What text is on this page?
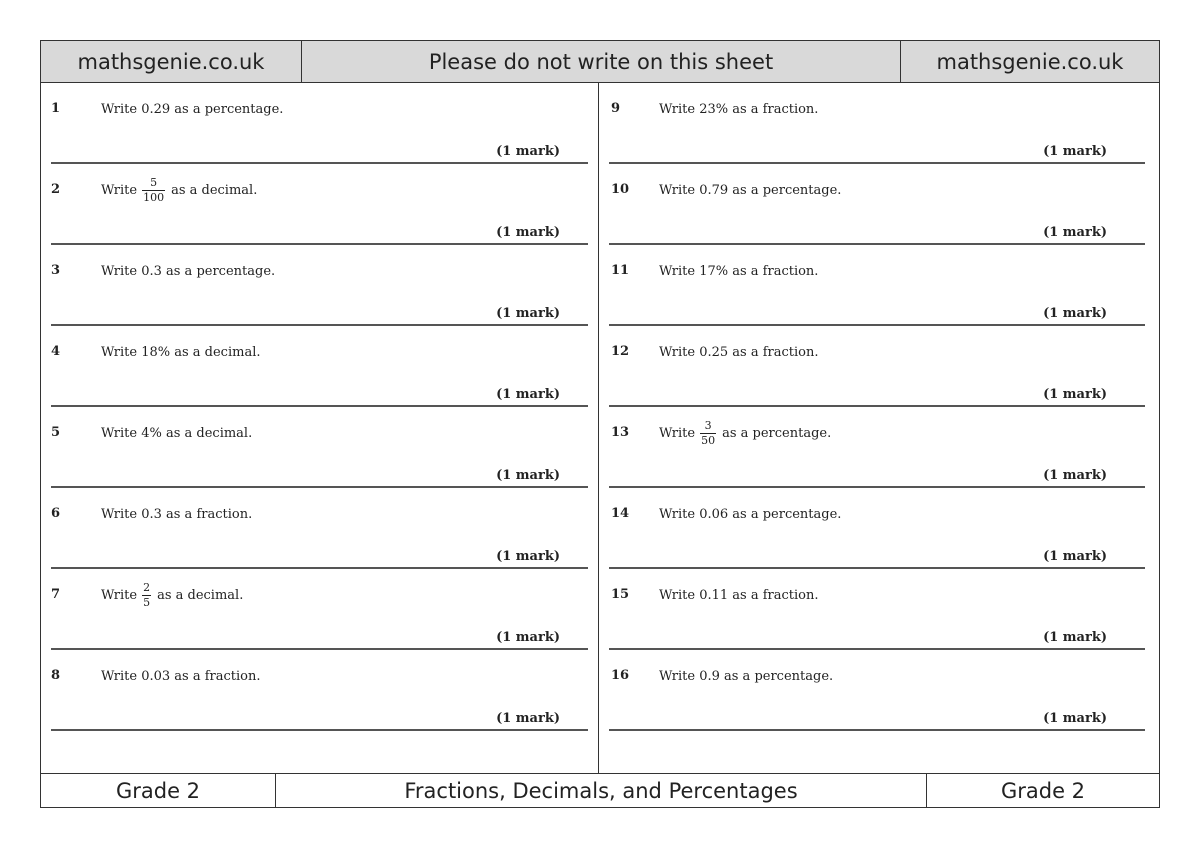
mathsgenie.co.uk	Please do not write on this sheet	mathsgenie.co.uk
1	Write 0.29 as a percentage.
(1 mark)
2	Write $\frac{5}{100}$ as a decimal.
(1 mark)
3	Write 0.3 as a percentage.
(1 mark)
4	Write 18% as a decimal.
(1 mark)
5	Write 4% as a decimal.
(1 mark)
6	Write 0.3 as a fraction.
(1 mark)
7	Write $\frac{2}{5}$ as a decimal.
(1 mark)
8	Write 0.03 as a fraction.
(1 mark)
9	Write 23% as a fraction.
(1 mark)
10 Write 0.79 as a percentage.
(1 mark)
11 Write 17% as a fraction.
(1 mark)
12 Write 0.25 as a fraction.
(1 mark)
13 Write $\frac{3}{50}$ as a percentage.
(1 mark)
14 Write 0.06 as a percentage.
(1 mark)
15 Write 0.11 as a fraction.
(1 mark)
16 Write 0.9 as a percentage.
(1 mark)
Grade 2	Fractions, Decimals, and Percentages	Grade 2
